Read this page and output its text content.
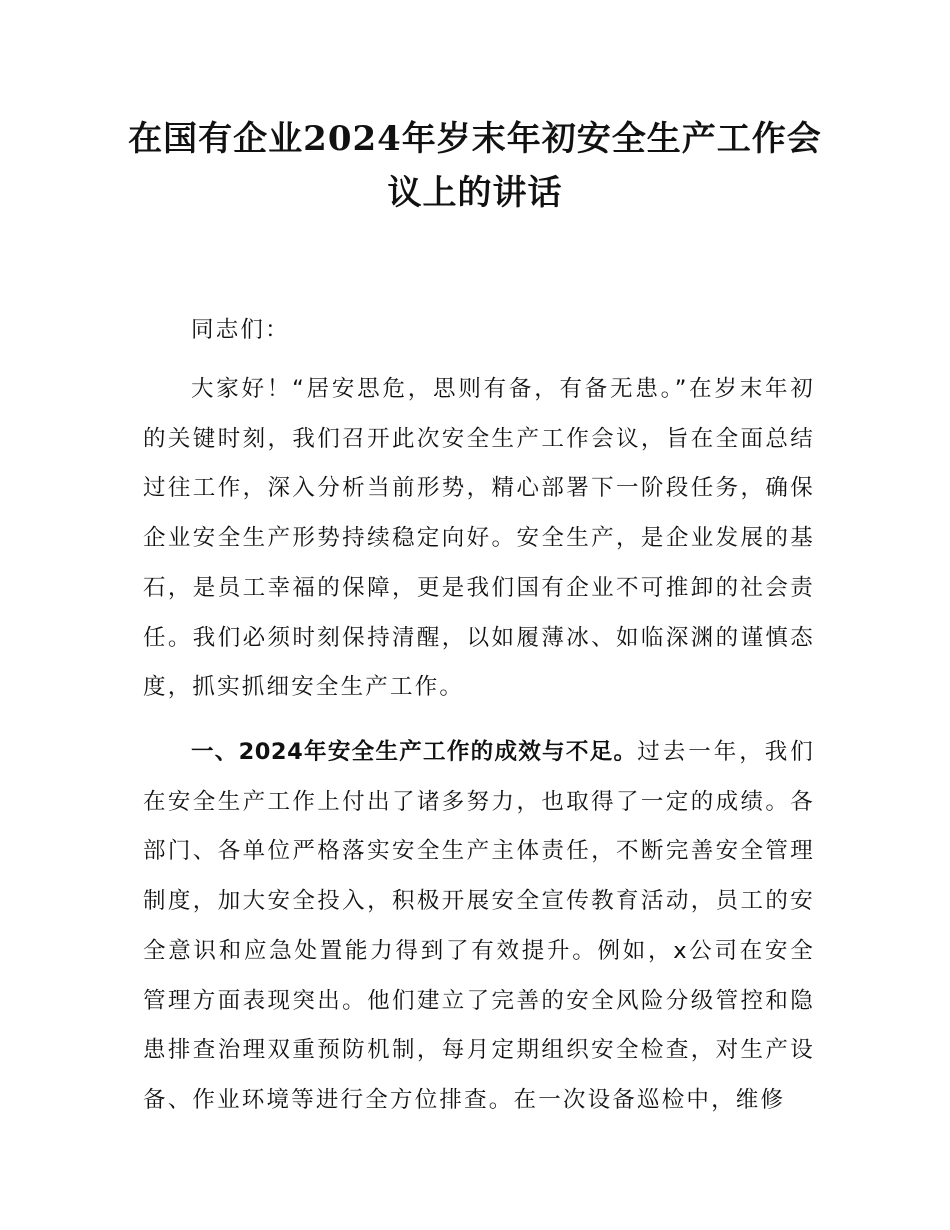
在国有企业2024年岁末年初安全生产工作会议上的讲话

同志们：

大家好！“居安思危，思则有备，有备无患。”在岁末年初的关键时刻，我们召开此次安全生产工作会议，旨在全面总结过往工作，深入分析当前形势，精心部署下一阶段任务，确保企业安全生产形势持续稳定向好。安全生产，是企业发展的基石，是员工幸福的保障，更是我们国有企业不可推卸的社会责任。我们必须时刻保持清醒，以如履薄冰、如临深渊的谨慎态度，抓实抓细安全生产工作。

一、2024年安全生产工作的成效与不足。过去一年，我们在安全生产工作上付出了诸多努力，也取得了一定的成绩。各部门、各单位严格落实安全生产主体责任，不断完善安全管理制度，加大安全投入，积极开展安全宣传教育活动，员工的安全意识和应急处置能力得到了有效提升。例如，x公司在安全管理方面表现突出。他们建立了完善的安全风险分级管控和隐患排查治理双重预防机制，每月定期组织安全检查，对生产设备、作业环境等进行全方位排查。在一次设备巡检中，维修
